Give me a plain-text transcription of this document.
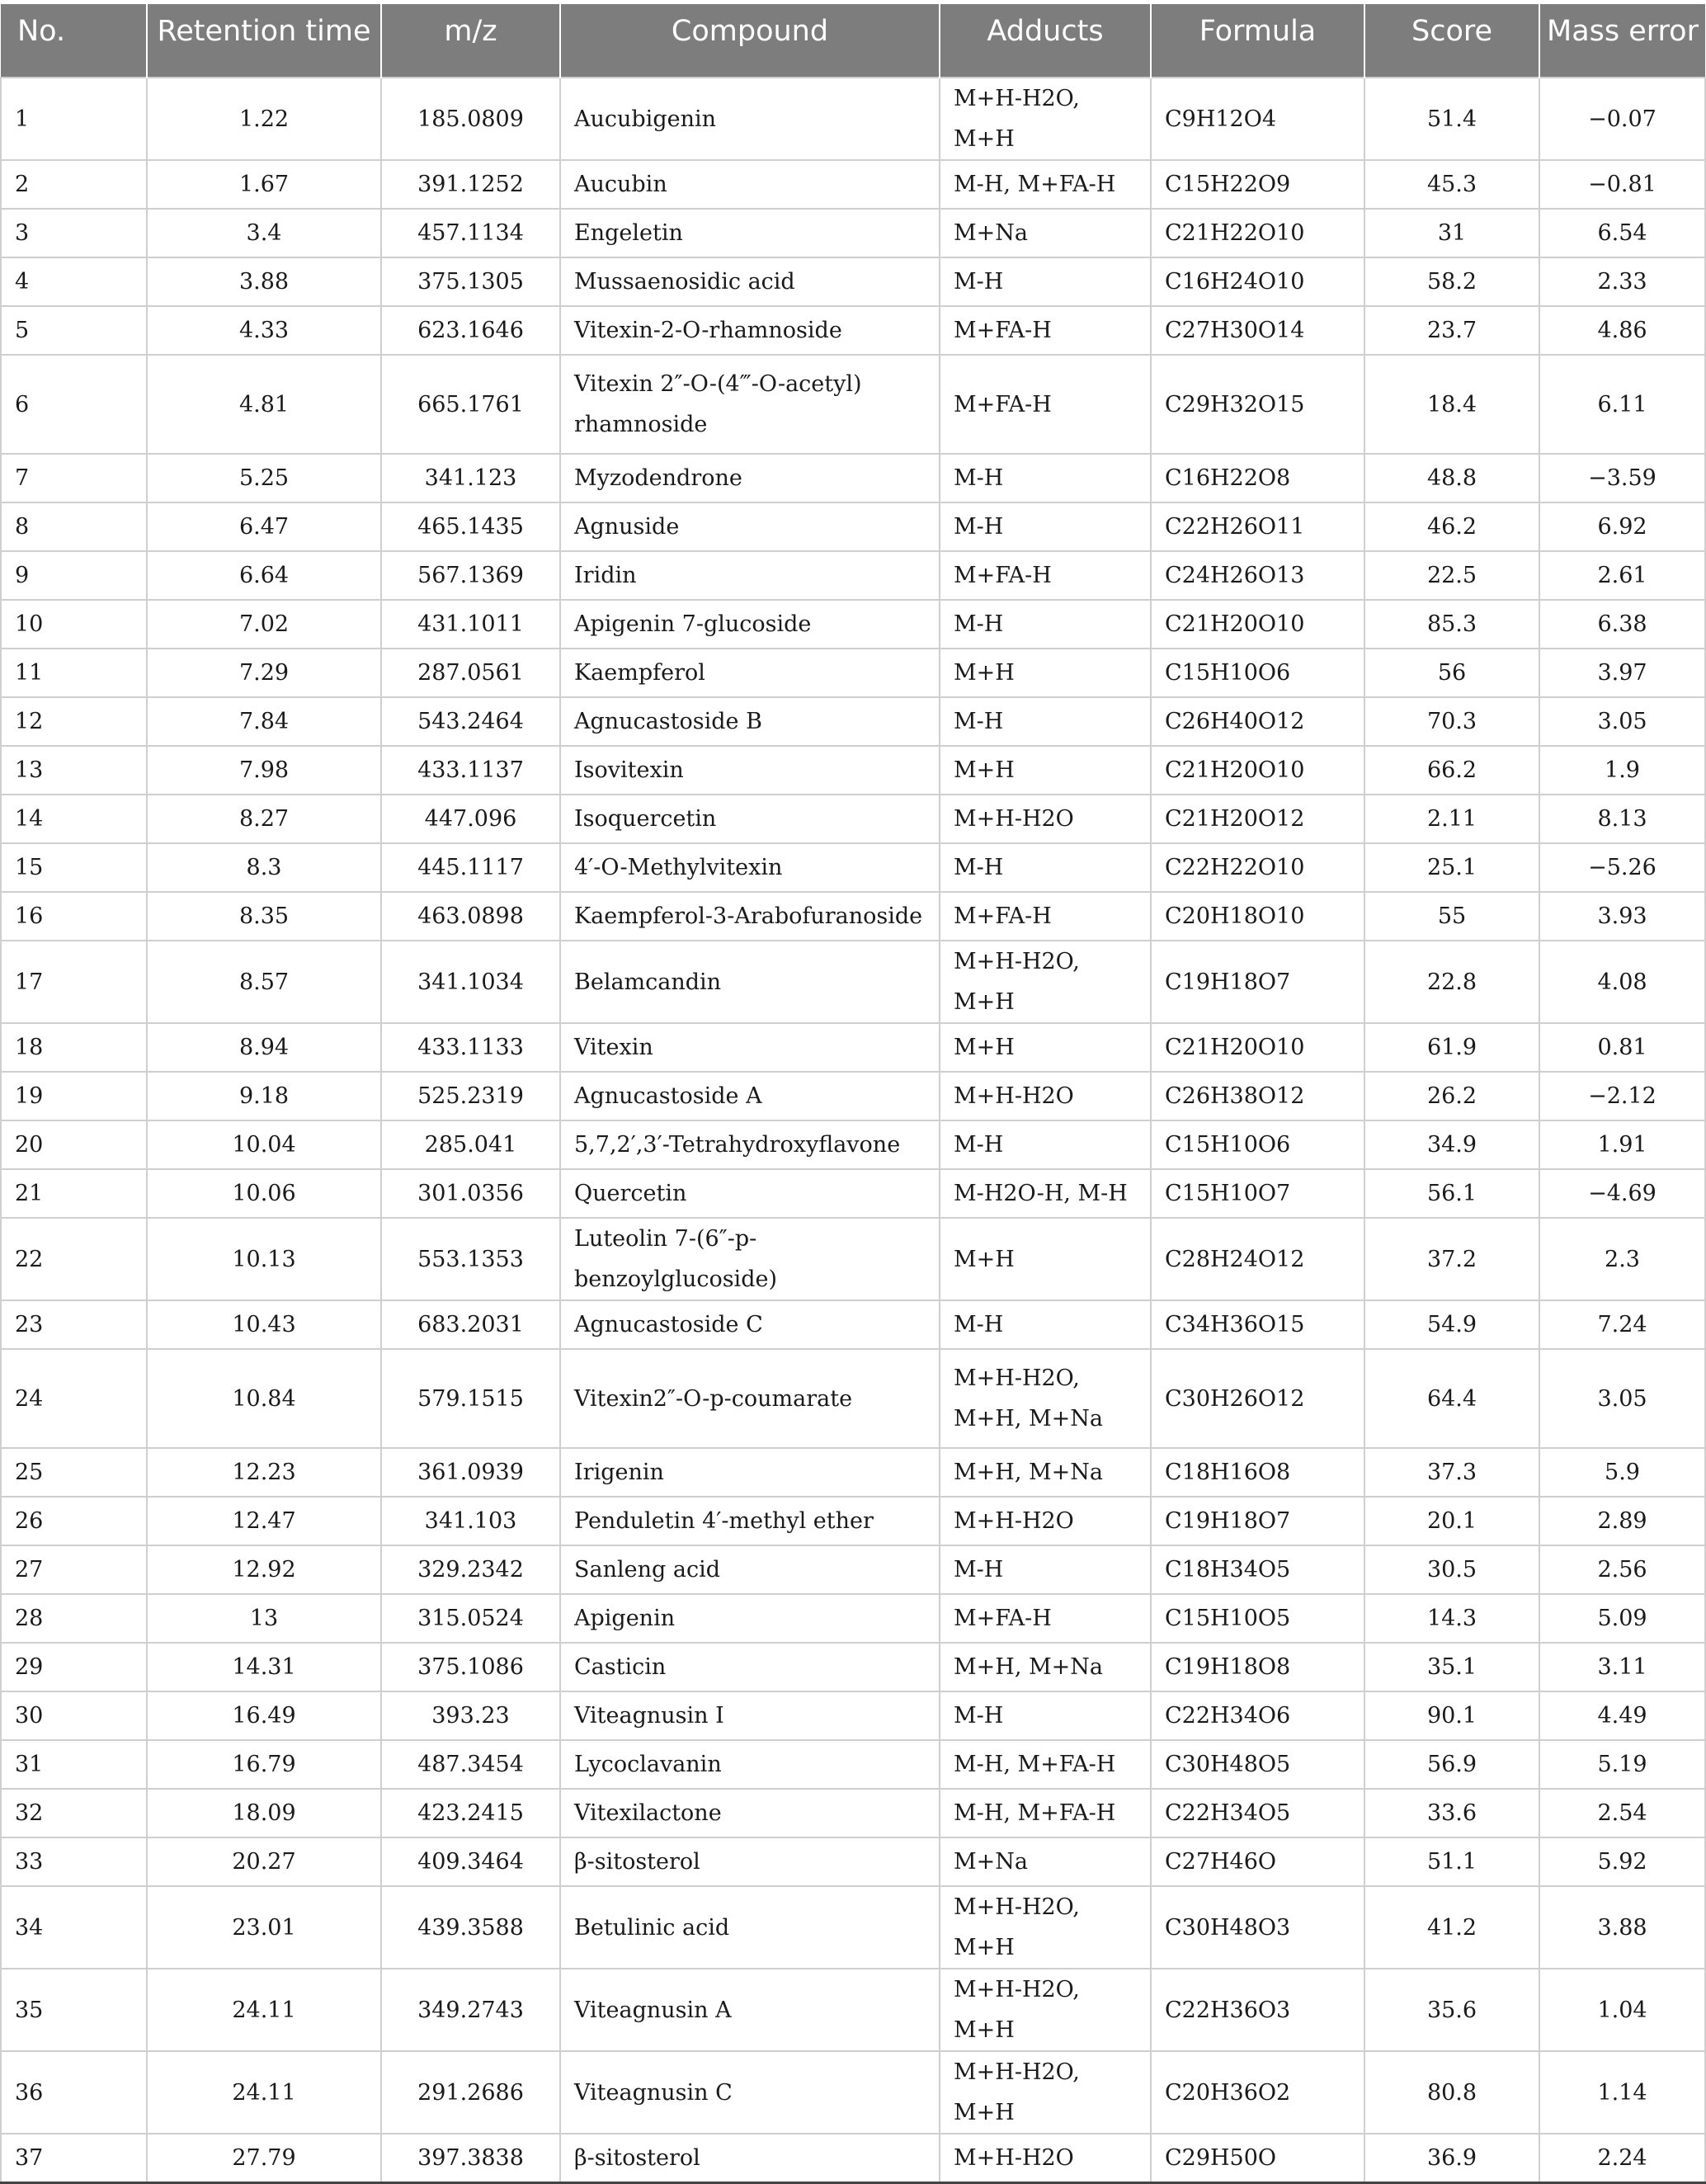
No.	Retention time	m/z	Compound	Adducts	Formula	Score	Mass error
1	1.22	185.0809	Aucubigenin	M+H-H2O, M+H	C9H12O4	51.4	−0.07
2	1.67	391.1252	Aucubin	M-H, M+FA-H	C15H22O9	45.3	−0.81
3	3.4	457.1134	Engeletin	M+Na	C21H22O10	31	6.54
4	3.88	375.1305	Mussaenosidic acid	M-H	C16H24O10	58.2	2.33
5	4.33	623.1646	Vitexin-2-O-rhamnoside	M+FA-H	C27H30O14	23.7	4.86
6	4.81	665.1761	Vitexin 2″-O-(4‴-O-acetyl) rhamnoside	M+FA-H	C29H32O15	18.4	6.11
7	5.25	341.123	Myzodendrone	M-H	C16H22O8	48.8	−3.59
8	6.47	465.1435	Agnuside	M-H	C22H26O11	46.2	6.92
9	6.64	567.1369	Iridin	M+FA-H	C24H26O13	22.5	2.61
10	7.02	431.1011	Apigenin 7-glucoside	M-H	C21H20O10	85.3	6.38
11	7.29	287.0561	Kaempferol	M+H	C15H10O6	56	3.97
12	7.84	543.2464	Agnucastoside B	M-H	C26H40O12	70.3	3.05
13	7.98	433.1137	Isovitexin	M+H	C21H20O10	66.2	1.9
14	8.27	447.096	Isoquercetin	M+H-H2O	C21H20O12	2.11	8.13
15	8.3	445.1117	4′-O-Methylvitexin	M-H	C22H22O10	25.1	−5.26
16	8.35	463.0898	Kaempferol-3-Arabofuranoside	M+FA-H	C20H18O10	55	3.93
17	8.57	341.1034	Belamcandin	M+H-H2O, M+H	C19H18O7	22.8	4.08
18	8.94	433.1133	Vitexin	M+H	C21H20O10	61.9	0.81
19	9.18	525.2319	Agnucastoside A	M+H-H2O	C26H38O12	26.2	−2.12
20	10.04	285.041	5,7,2′,3′-Tetrahydroxyflavone	M-H	C15H10O6	34.9	1.91
21	10.06	301.0356	Quercetin	M-H2O-H, M-H	C15H10O7	56.1	−4.69
22	10.13	553.1353	Luteolin 7-(6″-p-benzoylglucoside)	M+H	C28H24O12	37.2	2.3
23	10.43	683.2031	Agnucastoside C	M-H	C34H36O15	54.9	7.24
24	10.84	579.1515	Vitexin2″-O-p-coumarate	M+H-H2O, M+H, M+Na	C30H26O12	64.4	3.05
25	12.23	361.0939	Irigenin	M+H, M+Na	C18H16O8	37.3	5.9
26	12.47	341.103	Penduletin 4′-methyl ether	M+H-H2O	C19H18O7	20.1	2.89
27	12.92	329.2342	Sanleng acid	M-H	C18H34O5	30.5	2.56
28	13	315.0524	Apigenin	M+FA-H	C15H10O5	14.3	5.09
29	14.31	375.1086	Casticin	M+H, M+Na	C19H18O8	35.1	3.11
30	16.49	393.23	Viteagnusin I	M-H	C22H34O6	90.1	4.49
31	16.79	487.3454	Lycoclavanin	M-H, M+FA-H	C30H48O5	56.9	5.19
32	18.09	423.2415	Vitexilactone	M-H, M+FA-H	C22H34O5	33.6	2.54
33	20.27	409.3464	β-sitosterol	M+Na	C27H46O	51.1	5.92
34	23.01	439.3588	Betulinic acid	M+H-H2O, M+H	C30H48O3	41.2	3.88
35	24.11	349.2743	Viteagnusin A	M+H-H2O, M+H	C22H36O3	35.6	1.04
36	24.11	291.2686	Viteagnusin C	M+H-H2O, M+H	C20H36O2	80.8	1.14
37	27.79	397.3838	β-sitosterol	M+H-H2O	C29H50O	36.9	2.24
